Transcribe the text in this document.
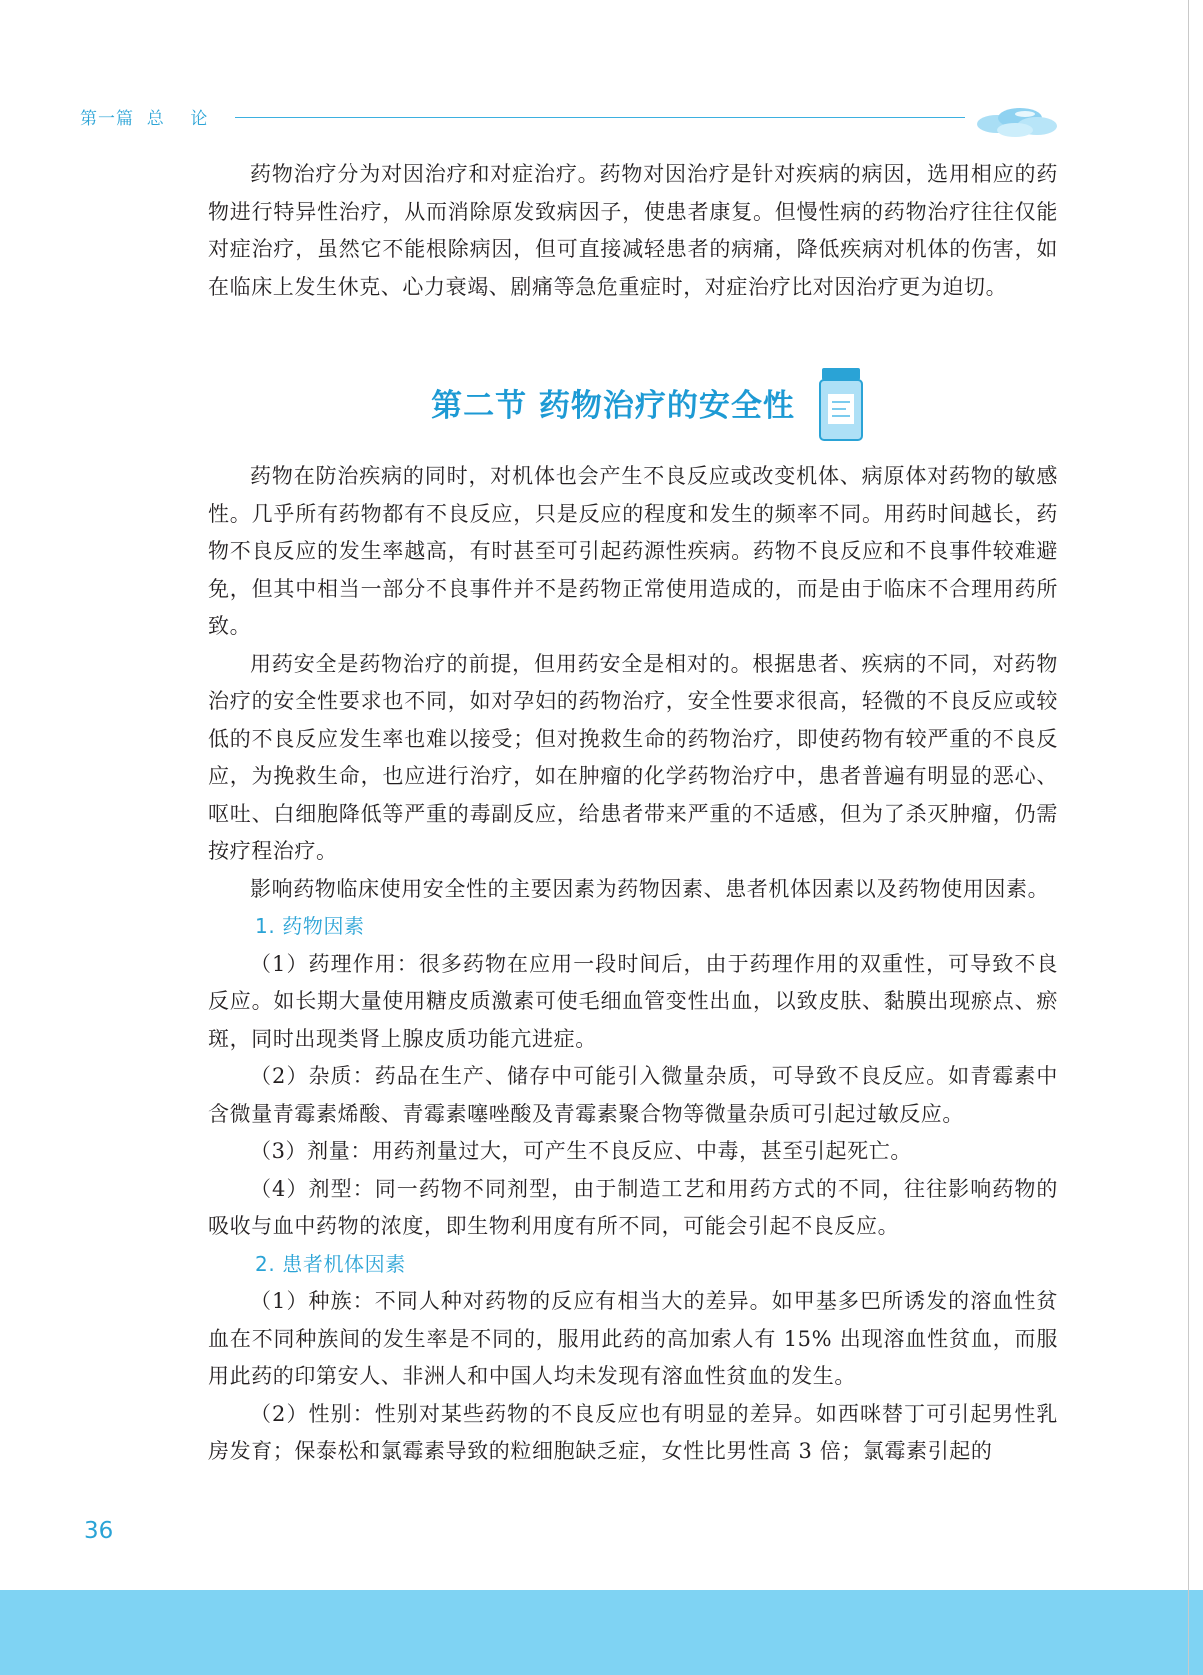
第一篇  总    论

药物治疗分为对因治疗和对症治疗。药物对因治疗是针对疾病的病因，选用相应的药物进行特异性治疗，从而消除原发致病因子，使患者康复。但慢性病的药物治疗往往仅能对症治疗，虽然它不能根除病因，但可直接减轻患者的病痛，降低疾病对机体的伤害，如在临床上发生休克、心力衰竭、剧痛等急危重症时，对症治疗比对因治疗更为迫切。

第二节 药物治疗的安全性

药物在防治疾病的同时，对机体也会产生不良反应或改变机体、病原体对药物的敏感性。几乎所有药物都有不良反应，只是反应的程度和发生的频率不同。用药时间越长，药物不良反应的发生率越高，有时甚至可引起药源性疾病。药物不良反应和不良事件较难避免，但其中相当一部分不良事件并不是药物正常使用造成的，而是由于临床不合理用药所致。

用药安全是药物治疗的前提，但用药安全是相对的。根据患者、疾病的不同，对药物治疗的安全性要求也不同，如对孕妇的药物治疗，安全性要求很高，轻微的不良反应或较低的不良反应发生率也难以接受；但对挽救生命的药物治疗，即使药物有较严重的不良反应，为挽救生命，也应进行治疗，如在肿瘤的化学药物治疗中，患者普遍有明显的恶心、呕吐、白细胞降低等严重的毒副反应，给患者带来严重的不适感，但为了杀灭肿瘤，仍需按疗程治疗。

影响药物临床使用安全性的主要因素为药物因素、患者机体因素以及药物使用因素。

1. 药物因素

（1）药理作用：很多药物在应用一段时间后，由于药理作用的双重性，可导致不良反应。如长期大量使用糖皮质激素可使毛细血管变性出血，以致皮肤、黏膜出现瘀点、瘀斑，同时出现类肾上腺皮质功能亢进症。

（2）杂质：药品在生产、储存中可能引入微量杂质，可导致不良反应。如青霉素中含微量青霉素烯酸、青霉素噻唑酸及青霉素聚合物等微量杂质可引起过敏反应。

（3）剂量：用药剂量过大，可产生不良反应、中毒，甚至引起死亡。

（4）剂型：同一药物不同剂型，由于制造工艺和用药方式的不同，往往影响药物的吸收与血中药物的浓度，即生物利用度有所不同，可能会引起不良反应。

2. 患者机体因素

（1）种族：不同人种对药物的反应有相当大的差异。如甲基多巴所诱发的溶血性贫血在不同种族间的发生率是不同的，服用此药的高加索人有 15% 出现溶血性贫血，而服用此药的印第安人、非洲人和中国人均未发现有溶血性贫血的发生。

（2）性别：性别对某些药物的不良反应也有明显的差异。如西咪替丁可引起男性乳房发育；保泰松和氯霉素导致的粒细胞缺乏症，女性比男性高 3 倍；氯霉素引起的

36
